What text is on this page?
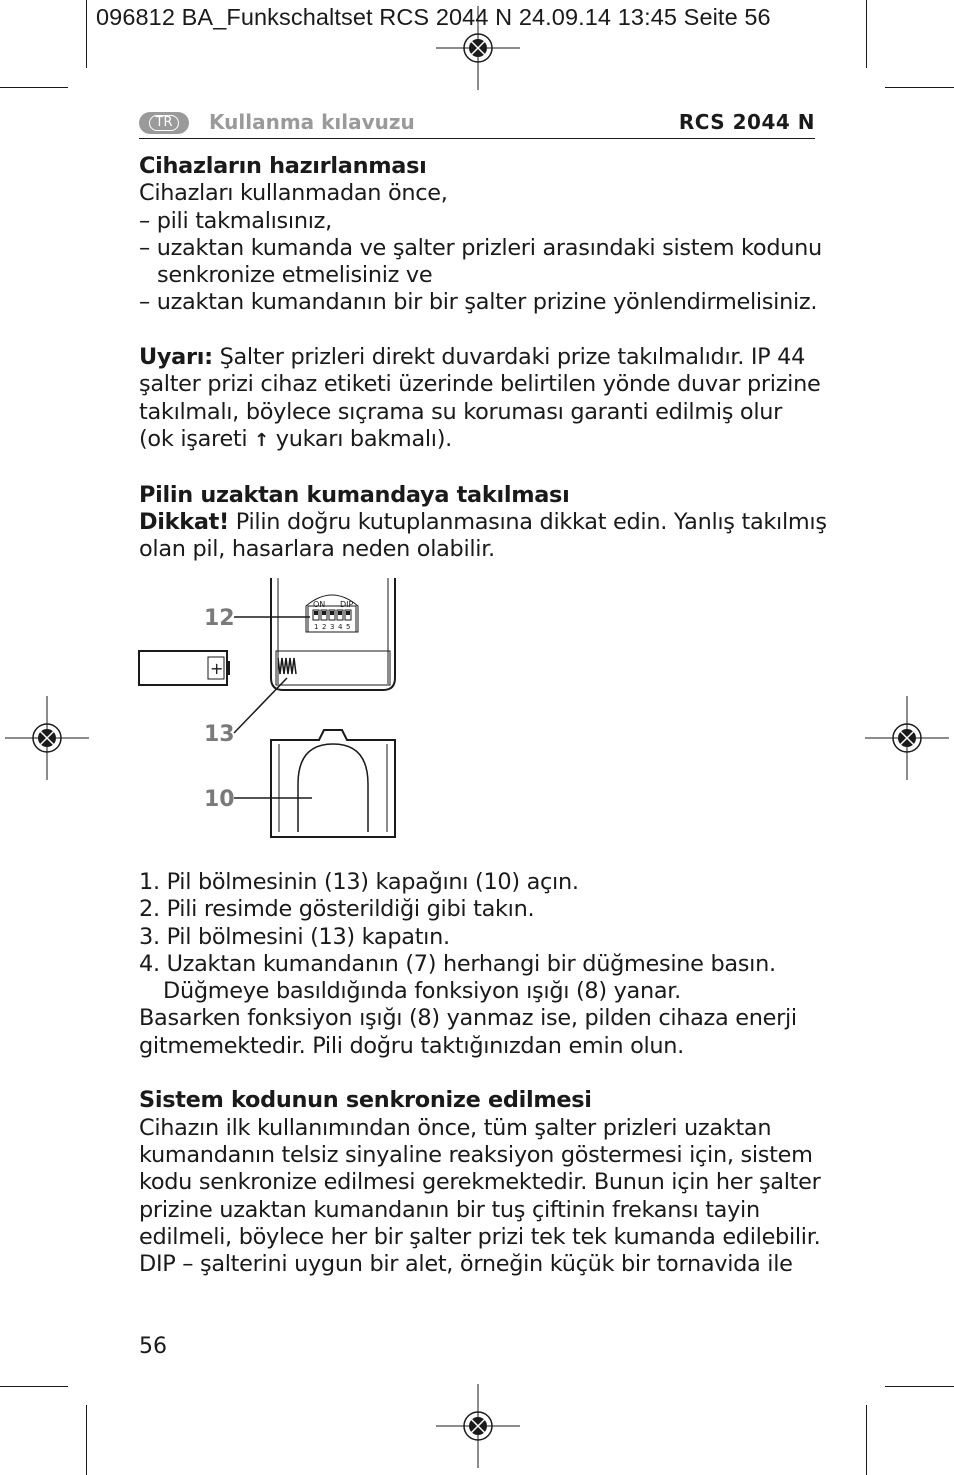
096812 BA_Funkschaltset RCS 2044 N 24.09.14 13:45 Seite 56
TR	Kullanma kılavuzu	RCS 2044 N

Cihazların hazırlanması

Cihazları kullanmadan önce,

– pili takmalısınız,

– uzaktan kumanda ve şalter prizleri arasındaki sistem kodunu

senkronize etmelisiniz ve

– uzaktan kumandanın bir bir şalter prizine yönlendirmelisiniz.

Uyarı: Şalter prizleri direkt duvardaki prize takılmalıdır. IP 44

şalter prizi cihaz etiketi üzerinde belirtilen yönde duvar prizine

takılmalı, böylece sıçrama su koruması garanti edilmiş olur

(ok işareti ↑ yukarı bakmalı).

Pilin uzaktan kumandaya takılması

Dikkat! Pilin doğru kutuplanmasına dikkat edin. Yanlış takılmış

olan pil, hasarlara neden olabilir.

ON DIP
1 2 3 4 5
+
12
13
10

1. Pil bölmesinin (13) kapağını (10) açın.

2. Pili resimde gösterildiği gibi takın.

3. Pil bölmesini (13) kapatın.

4. Uzaktan kumandanın (7) herhangi bir düğmesine basın.

Düğmeye basıldığında fonksiyon ışığı (8) yanar.

Basarken fonksiyon ışığı (8) yanmaz ise, pilden cihaza enerji

gitmemektedir. Pili doğru taktığınızdan emin olun.

Sistem kodunun senkronize edilmesi

Cihazın ilk kullanımından önce, tüm şalter prizleri uzaktan

kumandanın telsiz sinyaline reaksiyon göstermesi için, sistem

kodu senkronize edilmesi gerekmektedir. Bunun için her şalter

prizine uzaktan kumandanın bir tuş çiftinin frekansı tayin

edilmeli, böylece her bir şalter prizi tek tek kumanda edilebilir.

DIP – şalterini uygun bir alet, örneğin küçük bir tornavida ile

56
